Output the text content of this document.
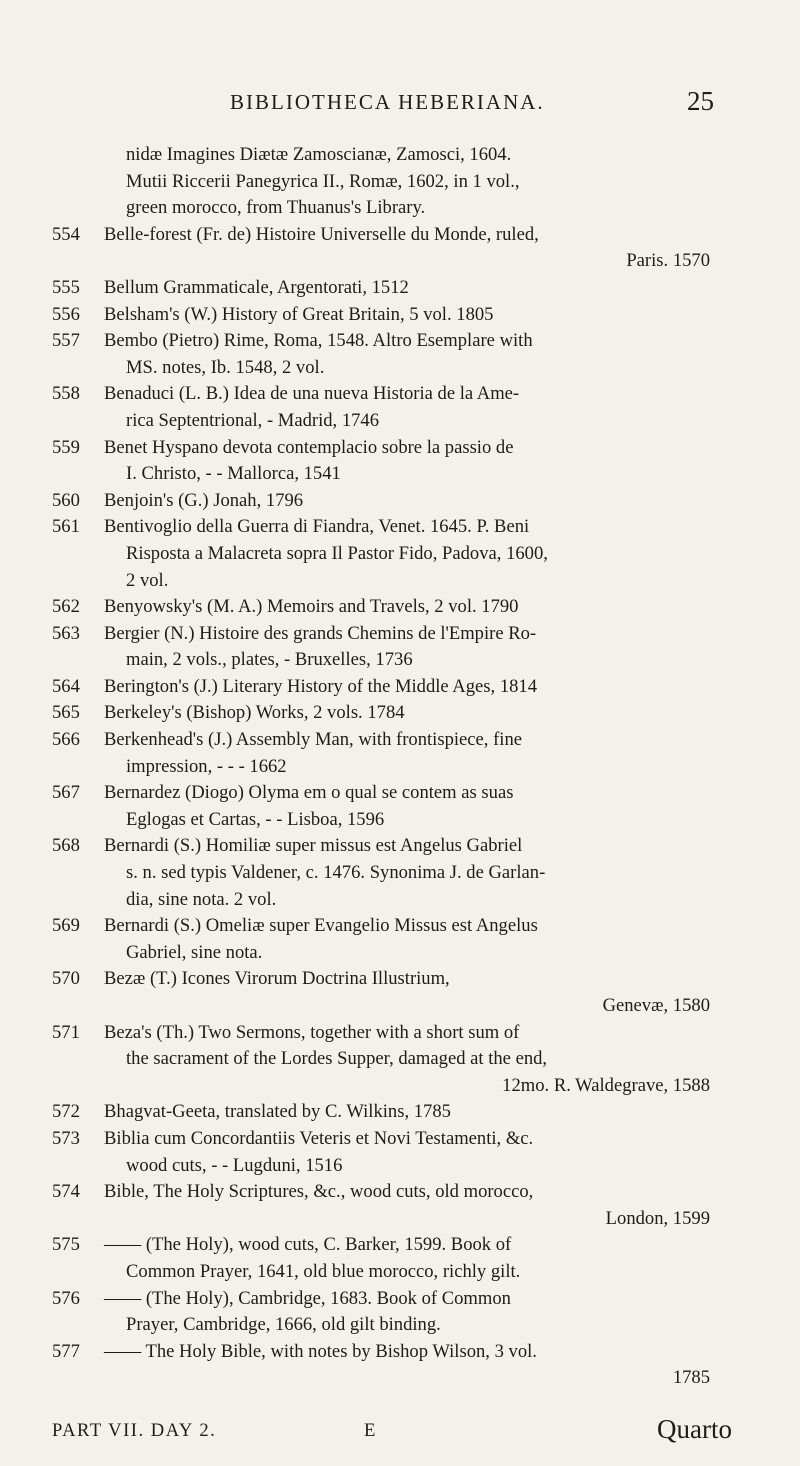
BIBLIOTHECA HEBERIANA.	25
nidæ Imagines Diætæ Zamoscianæ, Zamosci, 1604.
Mutii Riccerii Panegyrica II., Romæ, 1602, in 1 vol.,
green morocco, from Thuanus's Library.
554	Belle-forest (Fr. de) Histoire Universelle du Monde, ruled,
Paris. 1570
555	Bellum Grammaticale, Argentorati, 1512
556	Belsham's (W.) History of Great Britain, 5 vol. 1805
557	Bembo (Pietro) Rime, Roma, 1548. Altro Esemplare with
MS. notes, Ib. 1548, 2 vol.
558	Benaduci (L. B.) Idea de una nueva Historia de la Ame-
rica Septentrional, - Madrid, 1746
559	Benet Hyspano devota contemplacio sobre la passio de
I. Christo, - - Mallorca, 1541
560	Benjoin's (G.) Jonah, 1796
561	Bentivoglio della Guerra di Fiandra, Venet. 1645. P. Beni
Risposta a Malacreta sopra Il Pastor Fido, Padova, 1600,
2 vol.
562	Benyowsky's (M. A.) Memoirs and Travels, 2 vol. 1790
563	Bergier (N.) Histoire des grands Chemins de l'Empire Ro-
main, 2 vols., plates, - Bruxelles, 1736
564	Berington's (J.) Literary History of the Middle Ages, 1814
565	Berkeley's (Bishop) Works, 2 vols. 1784
566	Berkenhead's (J.) Assembly Man, with frontispiece, fine
impression, - - - 1662
567	Bernardez (Diogo) Olyma em o qual se contem as suas
Eglogas et Cartas, - - Lisboa, 1596
568	Bernardi (S.) Homiliæ super missus est Angelus Gabriel
s. n. sed typis Valdener, c. 1476. Synonima J. de Garlan-
dia, sine nota. 2 vol.
569	Bernardi (S.) Omeliæ super Evangelio Missus est Angelus
Gabriel, sine nota.
570	Bezæ (T.) Icones Virorum Doctrina Illustrium,
Genevæ, 1580
571	Beza's (Th.) Two Sermons, together with a short sum of
the sacrament of the Lordes Supper, damaged at the end,
12mo. R. Waldegrave, 1588
572	Bhagvat-Geeta, translated by C. Wilkins, 1785
573	Biblia cum Concordantiis Veteris et Novi Testamenti, &c.
wood cuts, - - Lugduni, 1516
574	Bible, The Holy Scriptures, &c., wood cuts, old morocco,
London, 1599
575	—— (The Holy), wood cuts, C. Barker, 1599. Book of
Common Prayer, 1641, old blue morocco, richly gilt.
576	—— (The Holy), Cambridge, 1683. Book of Common
Prayer, Cambridge, 1666, old gilt binding.
577	—— The Holy Bible, with notes by Bishop Wilson, 3 vol.
1785
PART VII. DAY 2.	E	Quarto
